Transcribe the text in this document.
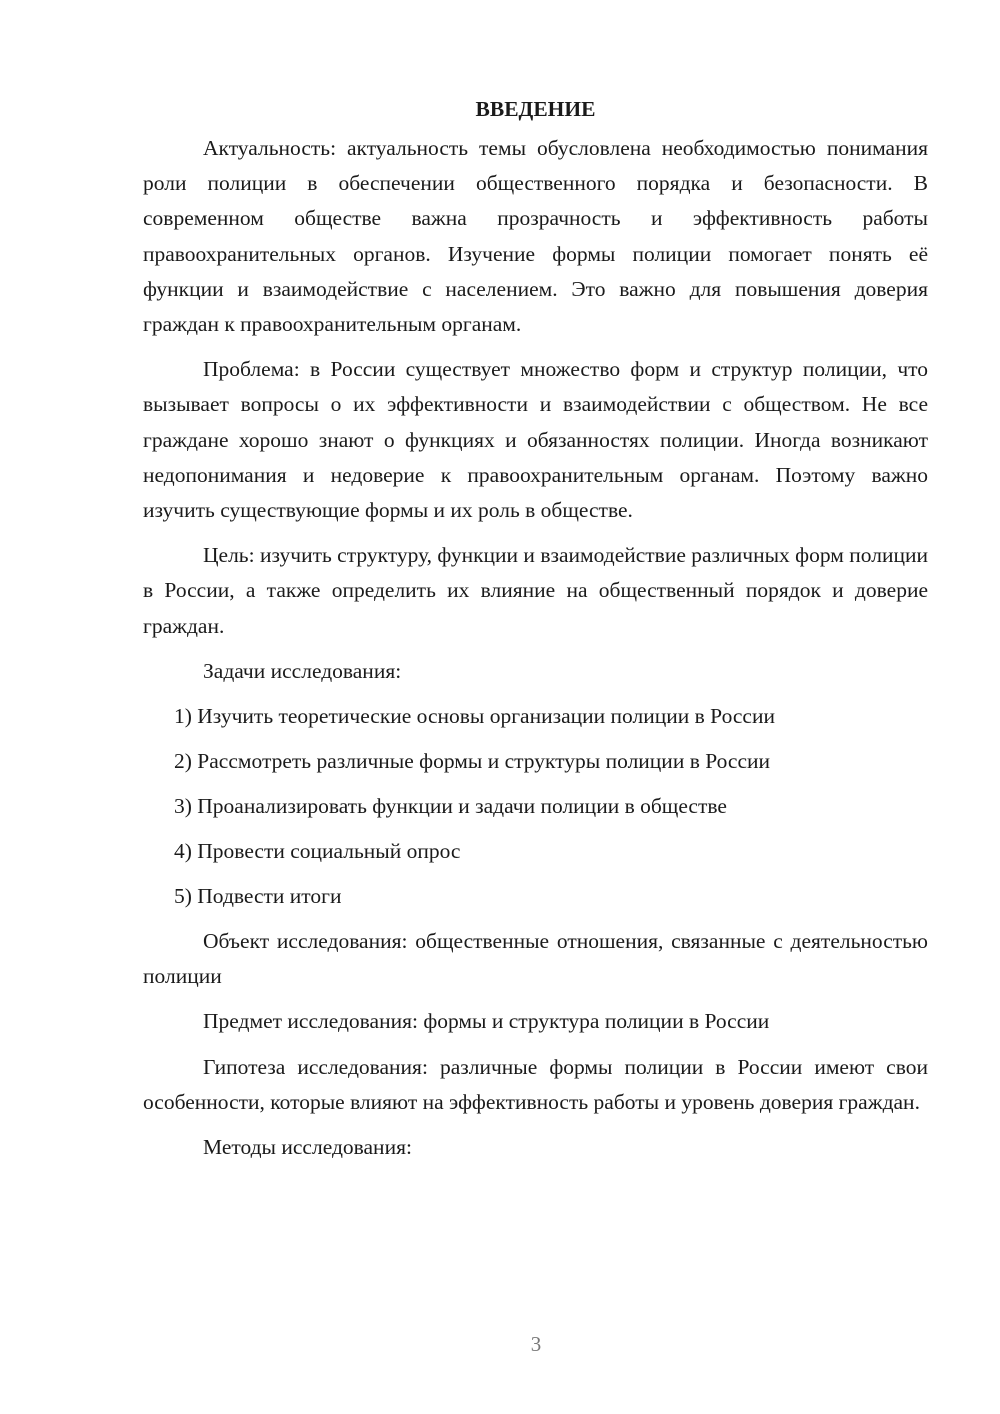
ВВЕДЕНИЕ

Актуальность: актуальность темы обусловлена необходимостью понимания роли полиции в обеспечении общественного порядка и безопасности. В современном обществе важна прозрачность и эффективность работы правоохранительных органов. Изучение формы полиции помогает понять её функции и взаимодействие с населением. Это важно для повышения доверия граждан к правоохранительным органам.

Проблема: в России существует множество форм и структур полиции, что вызывает вопросы о их эффективности и взаимодействии с обществом. Не все граждане хорошо знают о функциях и обязанностях полиции. Иногда возникают недопонимания и недоверие к правоохранительным органам. Поэтому важно изучить существующие формы и их роль в обществе.

Цель: изучить структуру, функции и взаимодействие различных форм полиции в России, а также определить их влияние на общественный порядок и доверие граждан.

Задачи исследования:

1) Изучить теоретические основы организации полиции в России
2) Рассмотреть различные формы и структуры полиции в России
3) Проанализировать функции и задачи полиции в обществе
4) Провести социальный опрос
5) Подвести итоги

Объект исследования: общественные отношения, связанные с деятельностью полиции

Предмет исследования: формы и структура полиции в России

Гипотеза исследования: различные формы полиции в России имеют свои особенности, которые влияют на эффективность работы и уровень доверия граждан.

Методы исследования:

3
